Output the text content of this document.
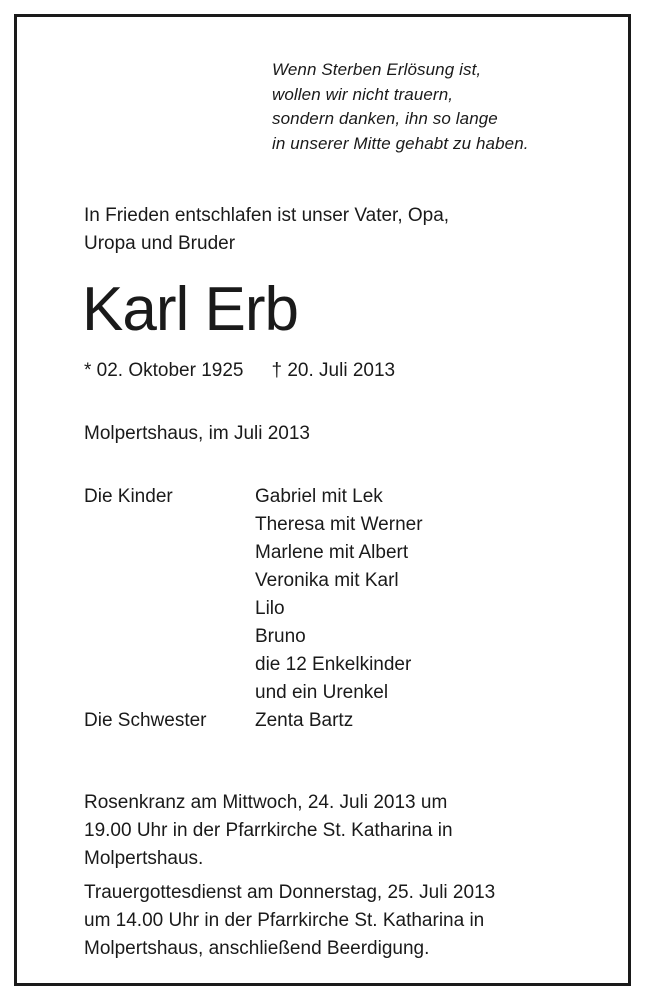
Wenn Sterben Erlösung ist,
wollen wir nicht trauern,
sondern danken, ihn so lange
in unserer Mitte gehabt zu haben.
In Frieden entschlafen ist unser Vater, Opa,
Uropa und Bruder
Karl Erb
* 02. Oktober 1925 † 20. Juli 2013
Molpertshaus, im Juli 2013
Die Kinder	Gabriel mit Lek
Theresa mit Werner
Marlene mit Albert
Veronika mit Karl
Lilo
Bruno
die 12 Enkelkinder
und ein Urenkel
Die Schwester	Zenta Bartz

Rosenkranz am Mittwoch, 24. Juli 2013 um
19.00 Uhr in der Pfarrkirche St. Katharina in
Molpertshaus.

Trauergottesdienst am Donnerstag, 25. Juli 2013
um 14.00 Uhr in der Pfarrkirche St. Katharina in
Molpertshaus, anschließend Beerdigung.
